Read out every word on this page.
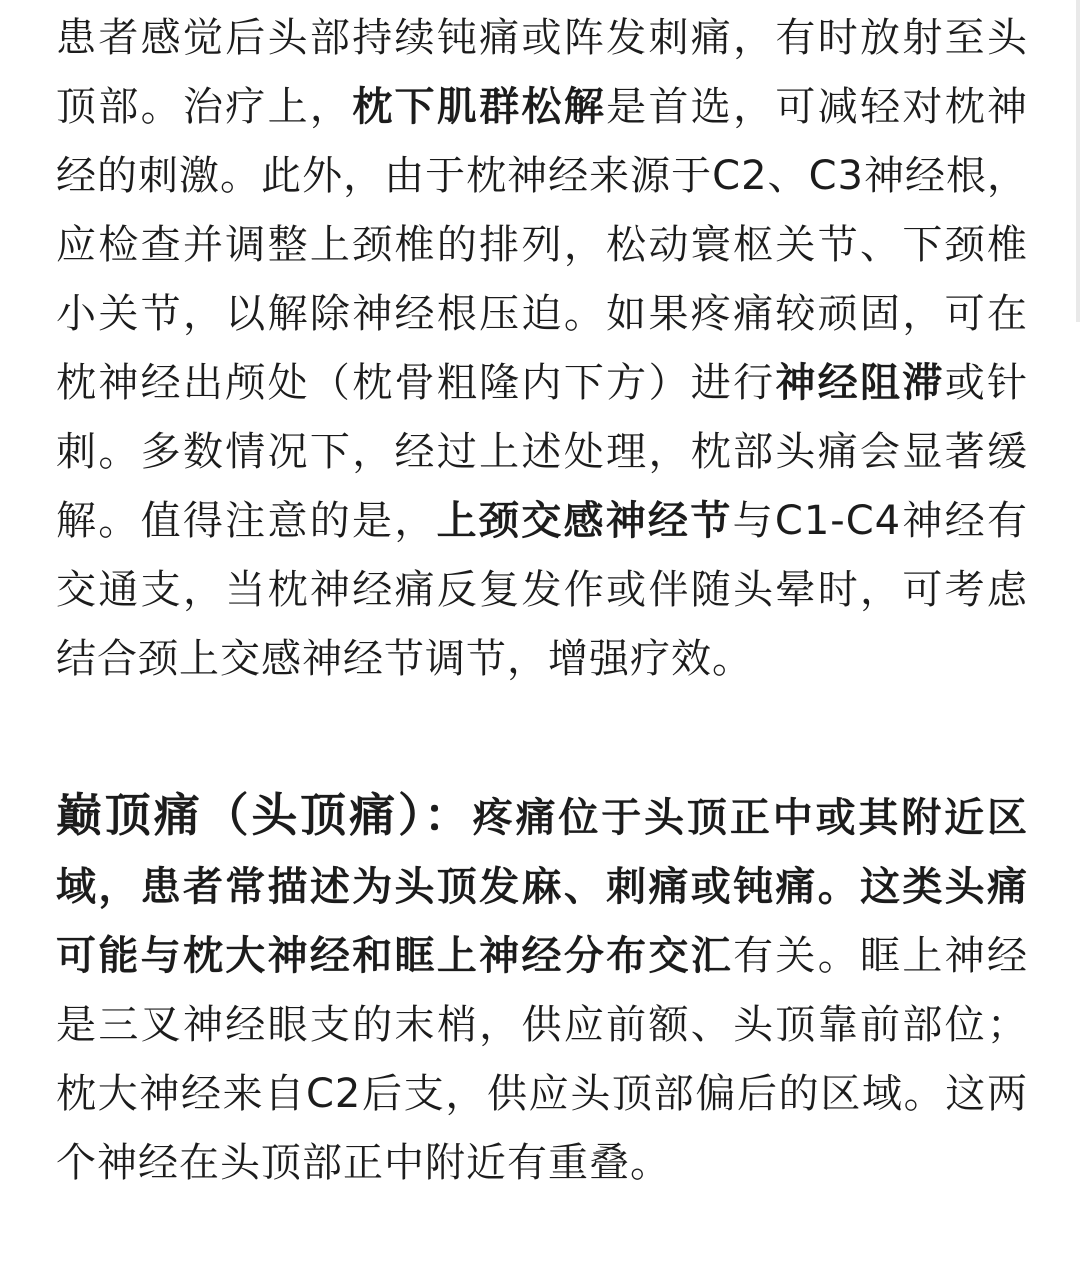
患者感觉后头部持续钝痛或阵发刺痛，有时放射至头顶部。治疗上，枕下肌群松解是首选，可减轻对枕神经的刺激。此外，由于枕神经来源于C2、C3神经根，应检查并调整上颈椎的排列，松动寰枢关节、下颈椎小关节，以解除神经根压迫。如果疼痛较顽固，可在枕神经出颅处（枕骨粗隆内下方）进行神经阻滞或针刺。多数情况下，经过上述处理，枕部头痛会显著缓解。值得注意的是，上颈交感神经节与C1-C4神经有交通支，当枕神经痛反复发作或伴随头晕时，可考虑结合颈上交感神经节调节，增强疗效。

巅顶痛（头顶痛）：疼痛位于头顶正中或其附近区域，患者常描述为头顶发麻、刺痛或钝痛。这类头痛可能与枕大神经和眶上神经分布交汇有关。眶上神经是三叉神经眼支的末梢，供应前额、头顶靠前部位；枕大神经来自C2后支，供应头顶部偏后的区域。这两个神经在头顶部正中附近有重叠。
